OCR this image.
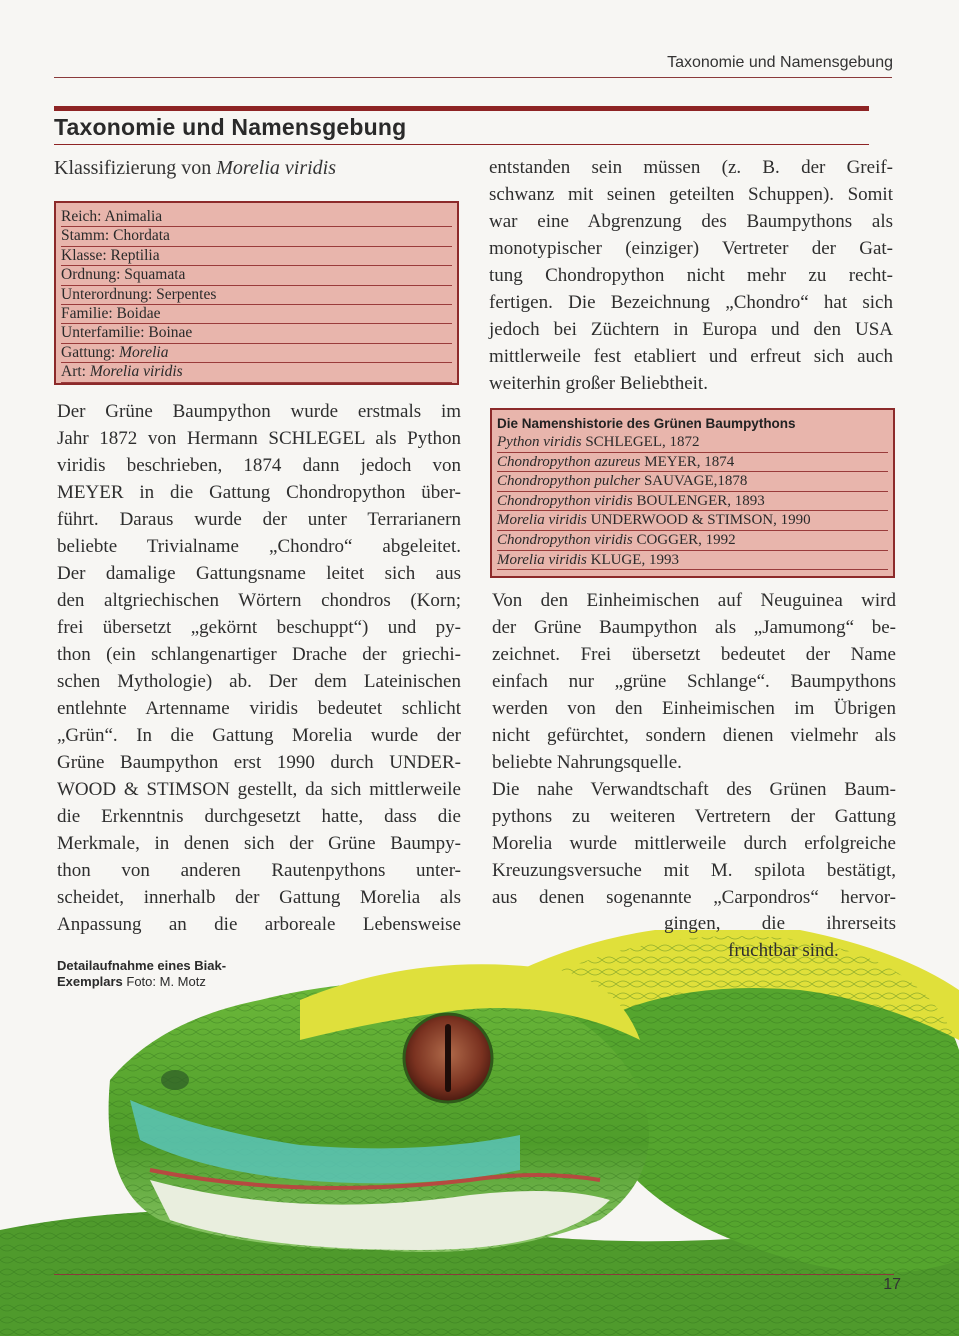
Taxonomie und Namensgebung
Taxonomie und Namensgebung
Klassifizierung von Morelia viridis
Reich: Animalia
Stamm: Chordata
Klasse: Reptilia
Ordnung: Squamata
Unterordnung: Serpentes
Familie: Boidae
Unterfamilie: Boinae
Gattung: Morelia
Art: Morelia viridis
Der Grüne Baumpython wurde erstmals im
Jahr 1872 von Hermann SCHLEGEL als Python
viridis beschrieben, 1874 dann jedoch von
MEYER in die Gattung Chondropython über-
führt. Daraus wurde der unter Terrarianern
beliebte Trivialname „Chondro“ abgeleitet.
Der damalige Gattungsname leitet sich aus
den altgriechischen Wörtern chondros (Korn;
frei übersetzt „gekörnt beschuppt“) und py-
thon (ein schlangenartiger Drache der griechi-
schen Mythologie) ab. Der dem Lateinischen
entlehnte Artenname viridis bedeutet schlicht
„Grün“. In die Gattung Morelia wurde der
Grüne Baumpython erst 1990 durch UNDER-
WOOD & STIMSON gestellt, da sich mittlerweile
die Erkenntnis durchgesetzt hatte, dass die
Merkmale, in denen sich der Grüne Baumpy-
thon von anderen Rautenpythons unter-
scheidet, innerhalb der Gattung Morelia als
Anpassung an die arboreale Lebensweise
entstanden sein müssen (z. B. der Greif-
schwanz mit seinen geteilten Schuppen). Somit
war eine Abgrenzung des Baumpythons als
monotypischer (einziger) Vertreter der Gat-
tung Chondropython nicht mehr zu recht-
fertigen. Die Bezeichnung „Chondro“ hat sich
jedoch bei Züchtern in Europa und den USA
mittlerweile fest etabliert und erfreut sich auch
weiterhin großer Beliebtheit.
Die Namenshistorie des Grünen Baumpythons
Python viridis SCHLEGEL, 1872
Chondropython azureus MEYER, 1874
Chondropython pulcher SAUVAGE,1878
Chondropython viridis BOULENGER, 1893
Morelia viridis UNDERWOOD & STIMSON, 1990
Chondropython viridis COGGER, 1992
Morelia viridis KLUGE, 1993
Von den Einheimischen auf Neuguinea wird
der Grüne Baumpython als „Jamumong“ be-
zeichnet. Frei übersetzt bedeutet der Name
einfach nur „grüne Schlange“. Baumpythons
werden von den Einheimischen im Übrigen
nicht gefürchtet, sondern dienen vielmehr als
beliebte Nahrungsquelle.
Die nahe Verwandtschaft des Grünen Baum-
pythons zu weiteren Vertretern der Gattung
Morelia wurde mittlerweile durch erfolgreiche
Kreuzungsversuche mit M. spilota bestätigt,
aus denen sogenannte „Carpondros“ hervor-
gingen, die ihrerseits
fruchtbar sind.
Detailaufnahme eines Biak-
Exemplars Foto: M. Motz
17
